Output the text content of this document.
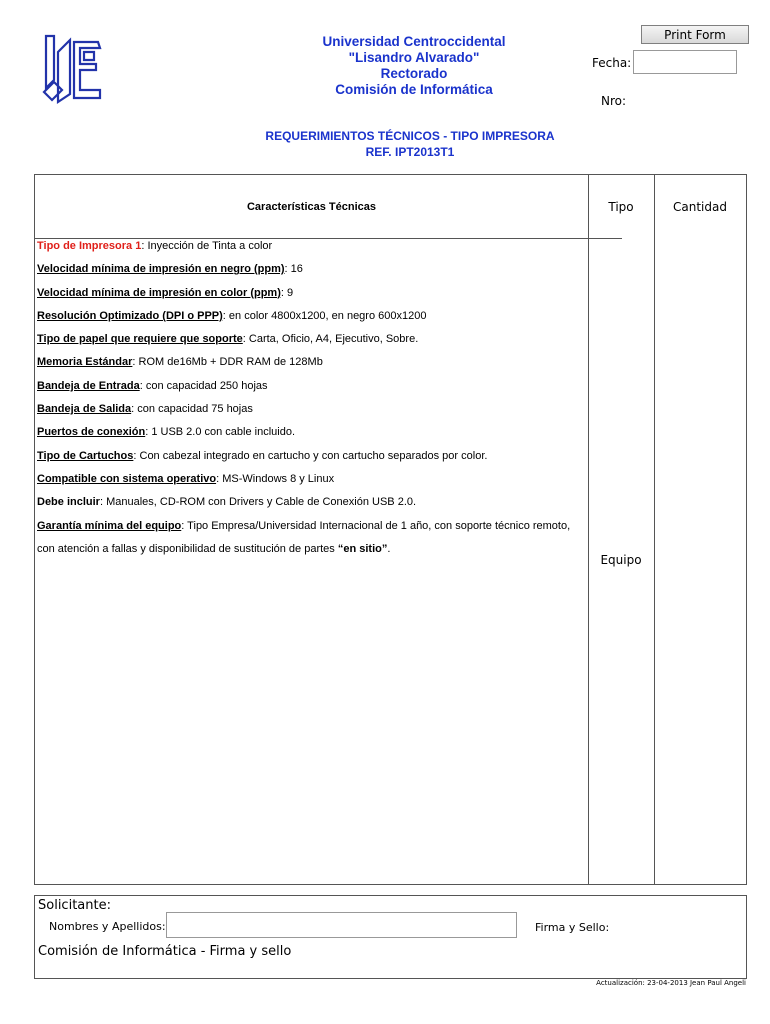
Print Form
Universidad Centroccidental
"Lisandro Alvarado"
Rectorado
Comisión de Informática
Fecha:
Nro:
REQUERIMIENTOS TÉCNICOS - TIPO IMPRESORA
REF. IPT2013T1
Características Técnicas	Tipo	Cantidad
Tipo de Impresora 1: Inyección de Tinta a color
Velocidad mínima de impresión en negro (ppm): 16
Velocidad mínima de impresión en color (ppm): 9
Resolución Optimizado (DPI o PPP): en color 4800x1200, en negro 600x1200
Tipo de papel que requiere que soporte: Carta, Oficio, A4, Ejecutivo, Sobre.
Memoria Estándar: ROM de16Mb + DDR RAM de 128Mb
Bandeja de Entrada: con capacidad 250 hojas
Bandeja de Salida: con capacidad 75 hojas
Puertos de conexión: 1 USB 2.0 con cable incluido.
Tipo de Cartuchos: Con cabezal integrado en cartucho y con cartucho separados por color.
Compatible con sistema operativo: MS-Windows 8 y Linux
Debe incluir: Manuales, CD-ROM con Drivers y Cable de Conexión USB 2.0.
Garantía mínima del equipo: Tipo Empresa/Universidad Internacional de 1 año, con soporte técnico remoto,
con atención a fallas y disponibilidad de sustitución de partes “en sitio”.
Equipo
Solicitante:
Nombres y Apellidos:	Firma y Sello:
Comisión de Informática - Firma y sello
Actualización: 23-04-2013 Jean Paul Angeli
